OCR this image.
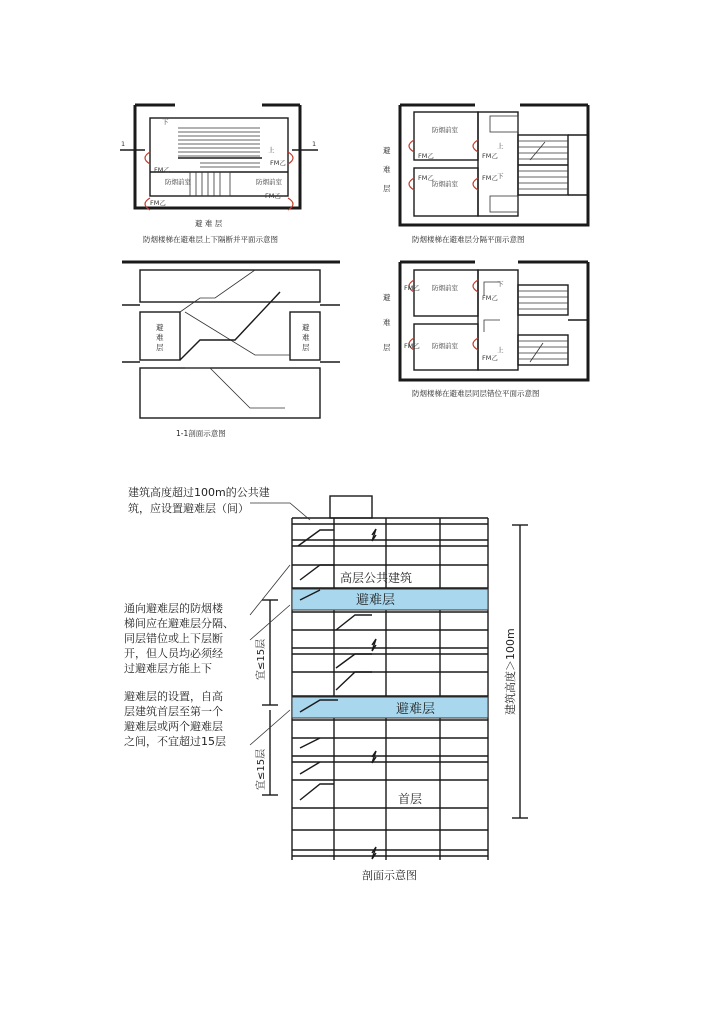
1	1
防烟前室	防烟前室
FM乙
FM乙
FM乙
FM乙
下
上
避 难 层
防烟楼梯在避难层上下隔断并平面示意图
防烟前室
防烟前室
FM乙
FM乙
FM乙
FM乙
上
下
避
难
层
防烟楼梯在避难层分隔平面示意图
避
难
层
避
难
层
1-1剖面示意图
防烟前室
防烟前室
FM乙
FM乙
FM乙
FM乙
下
上
避
难
层
防烟楼梯在避难层同层错位平面示意图
高层公共建筑
避难层
避难层
首层
宜≤15层
宜≤15层
建筑高度＞100m
剖面示意图
建筑高度超过100m的公共建
筑，应设置避难层（间）
通向避难层的防烟楼
梯间应在避难层分隔、
同层错位或上下层断
开，但人员均必须经
过避难层方能上下
避难层的设置，自高
层建筑首层至第一个
避难层或两个避难层
之间，不宜超过15层
